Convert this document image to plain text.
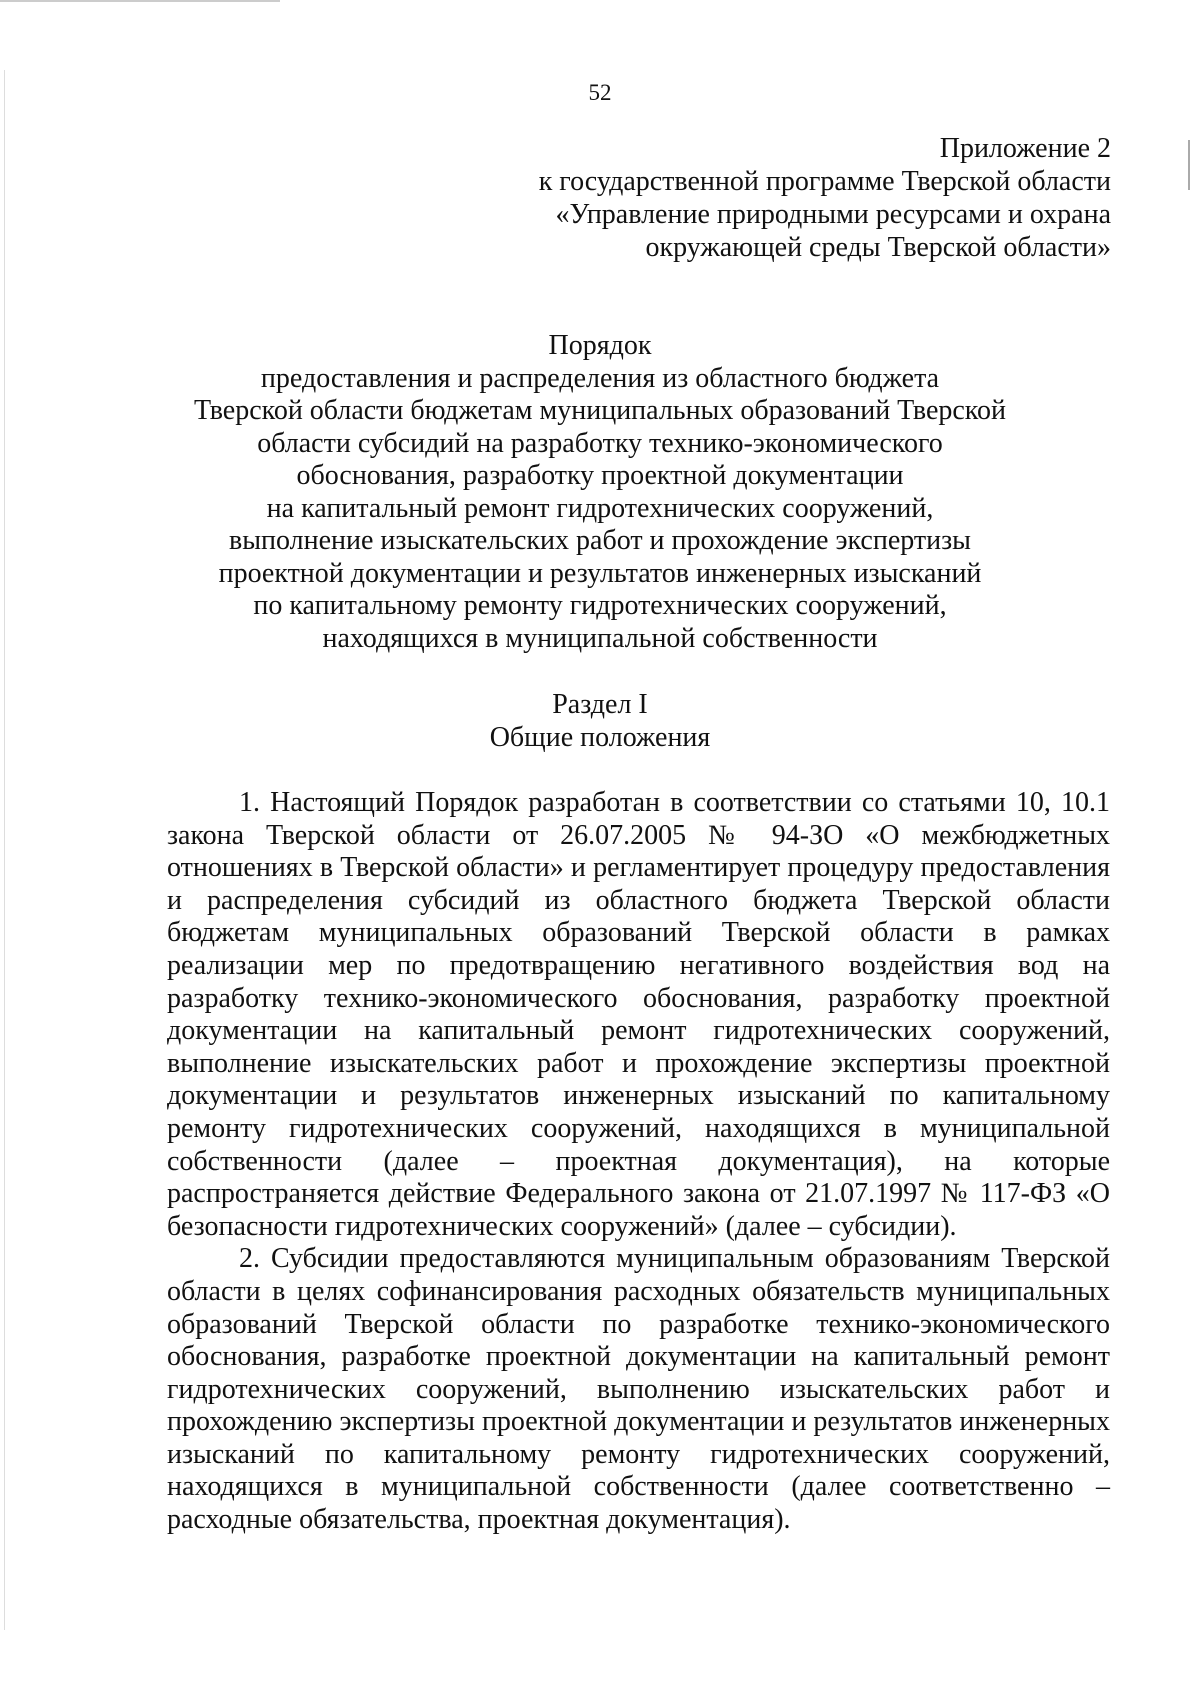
52
Приложение 2
к государственной программе Тверской области
«Управление природными ресурсами и охрана
окружающей среды Тверской области»
Порядок
предоставления и распределения из областного бюджета
Тверской области бюджетам муниципальных образований Тверской
области субсидий на разработку технико-экономического
обоснования, разработку проектной документации
на капитальный ремонт гидротехнических сооружений,
выполнение изыскательских работ и прохождение экспертизы
проектной документации и результатов инженерных изысканий
по капитальному ремонту гидротехнических сооружений,
находящихся в муниципальной собственности
Раздел I
Общие положения

1. Настоящий Порядок разработан в соответствии со статьями 10, 10.1 закона Тверской области от 26.07.2005 № 94-ЗО «О межбюджетных отношениях в Тверской области» и регламентирует процедуру предоставления и распределения субсидий из областного бюджета Тверской области бюджетам муниципальных образований Тверской области в рамках реализации мер по предотвращению негативного воздействия вод на разработку технико-экономического обоснования, разработку проектной документации на капитальный ремонт гидротехнических сооружений, выполнение изыскательских работ и прохождение экспертизы проектной документации и результатов инженерных изысканий по капитальному ремонту гидротехнических сооружений, находящихся в муниципальной собственности (далее – проектная документация), на которые распространяется действие Федерального закона от 21.07.1997 № 117-ФЗ «О безопасности гидротехнических сооружений» (далее – субсидии).

2. Субсидии предоставляются муниципальным образованиям Тверской области в целях софинансирования расходных обязательств муниципальных образований Тверской области по разработке технико-экономического обоснования, разработке проектной документации на капитальный ремонт гидротехнических сооружений, выполнению изыскательских работ и прохождению экспертизы проектной документации и результатов инженерных изысканий по капитальному ремонту гидротехнических сооружений, находящихся в муниципальной собственности (далее соответственно – расходные обязательства, проектная документация).
